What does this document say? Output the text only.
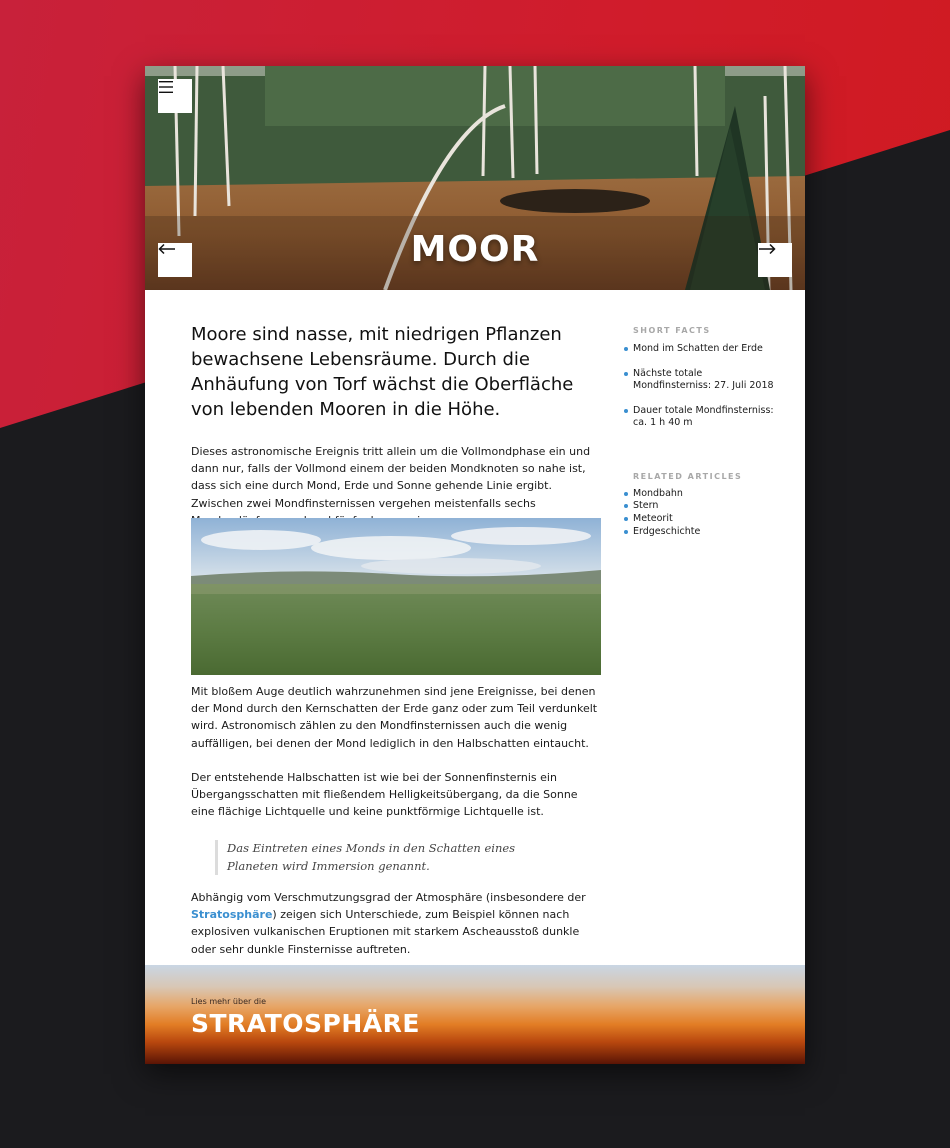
MOOR

Moore sind nasse, mit niedrigen Pflanzen bewachsene Lebensräume. Durch die Anhäufung von Torf wächst die Oberfläche von lebenden Mooren in die Höhe.

Dieses astronomische Ereignis tritt allein um die Vollmondphase ein und dann nur, falls der Vollmond einem der beiden Mondknoten so nahe ist, dass sich eine durch Mond, Erde und Sonne gehende Linie ergibt. Zwischen zwei Mondfinsternissen vergehen meistenfalls sechs

Mit bloßem Auge deutlich wahrzunehmen sind jene Ereignisse, bei denen der Mond durch den Kernschatten der Erde ganz oder zum Teil verdunkelt wird. Astronomisch zählen zu den Mondfinsternissen auch die wenig auffälligen, bei denen der Mond lediglich in den Halbschatten eintaucht.

Der entstehende Halbschatten ist wie bei der Sonnenfinsternis ein Übergangsschatten mit fließendem Helligkeitsübergang, da die Sonne eine flächige Lichtquelle und keine punktförmige Lichtquelle ist.

Das Eintreten eines Monds in den Schatten eines Planeten wird Immersion genannt.

Abhängig vom Verschmutzungsgrad der Atmosphäre (insbesondere der Stratosphäre) zeigen sich Unterschiede, zum Beispiel können nach explosiven vulkanischen Eruptionen mit starkem Ascheausstoß dunkle oder sehr dunkle Finsternisse auftreten.

SHORT FACTS
Mond im Schatten der Erde
Nächste totale Mondfinsterniss: 27. Juli 2018
Dauer totale Mondfinsterniss: ca. 1 h 40 m
RELATED ARTICLES
Mondbahn
Stern
Meteorit
Erdgeschichte
Lies mehr über die
STRATOSPHÄRE
